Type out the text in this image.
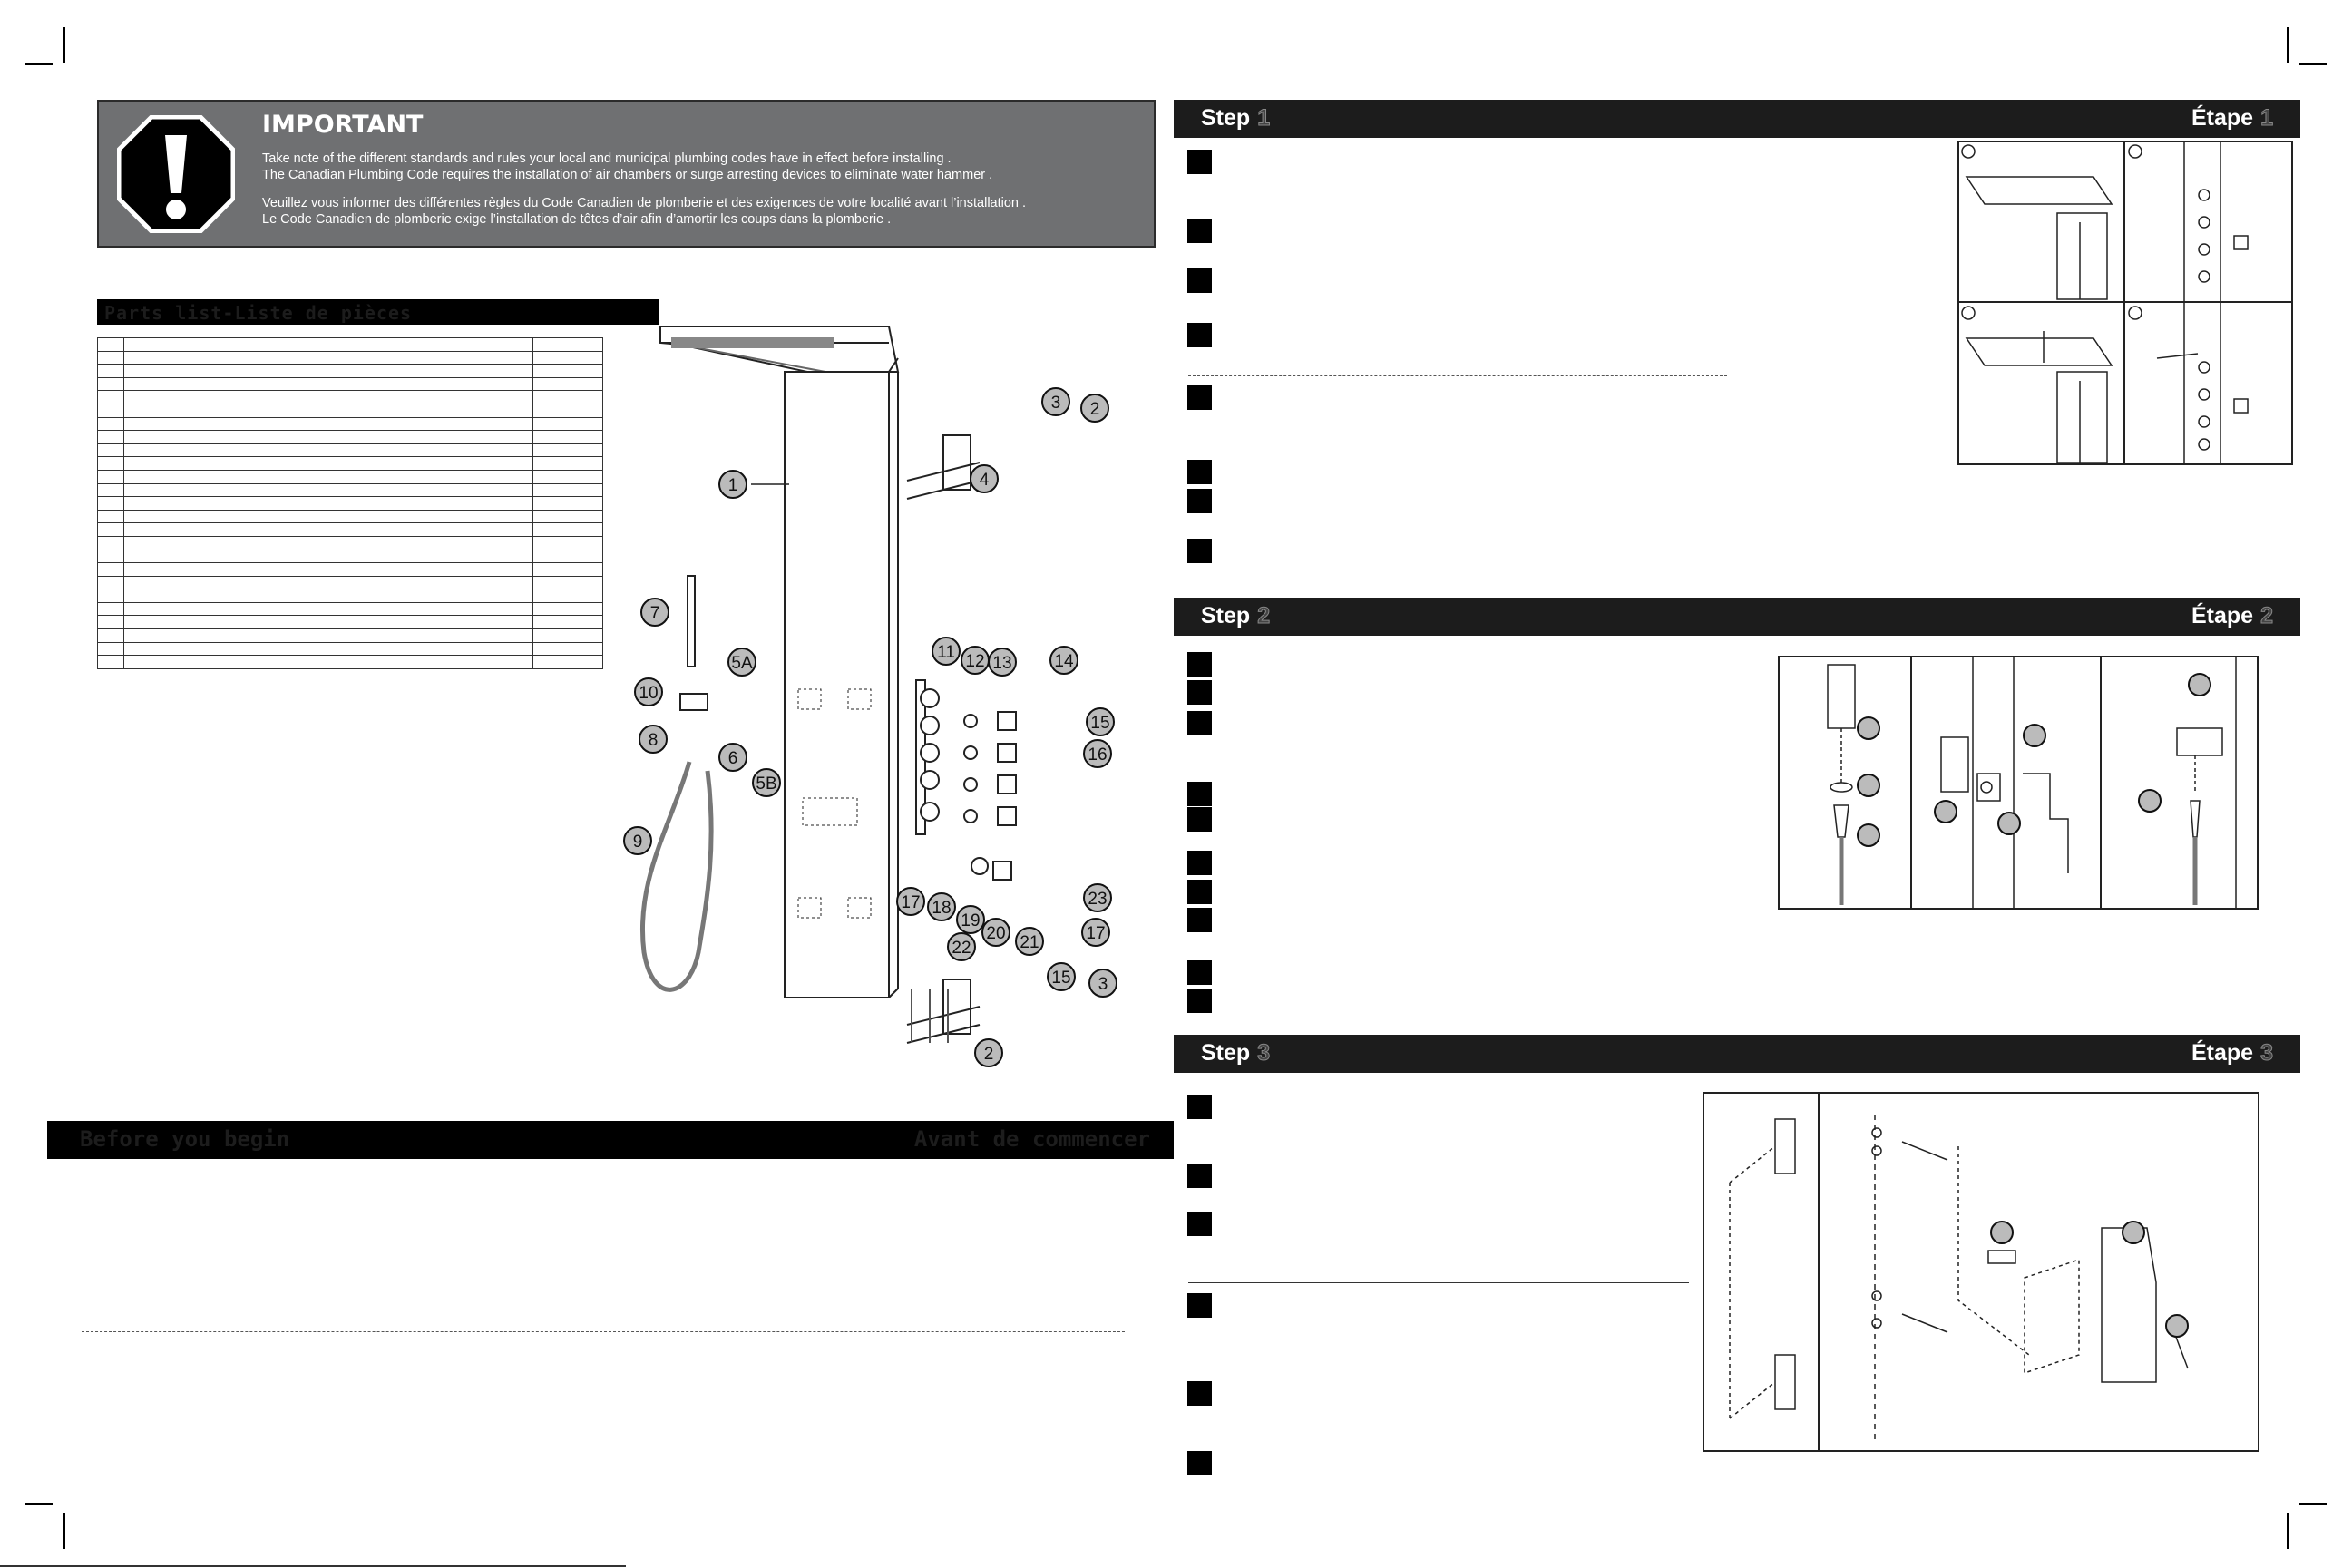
IMPORTANT
Take note of the different standards and rules your local and municipal plumbing codes have in effect before installing .
The Canadian Plumbing Code requires the installation of air chambers or surge arresting devices to eliminate water hammer .
Veuillez vous informer des différentes règles du Code Canadien de plomberie et des exigences de votre localité avant l’installation .
Le Code Canadien de plomberie exige l’installation de têtes d’air afin d’amortir les coups dans la plomberie .
Parts list-Liste de pièces

1
2
3
4
5A
5B
6
7
8
9
10
11 12 13 14
15
16
17 18
19
20 21
22
23
17
15 3
2
Before you begin	Avant de commencer
Step 1	Étape 1
Step 2	Étape 2
Step 3	Étape 3
